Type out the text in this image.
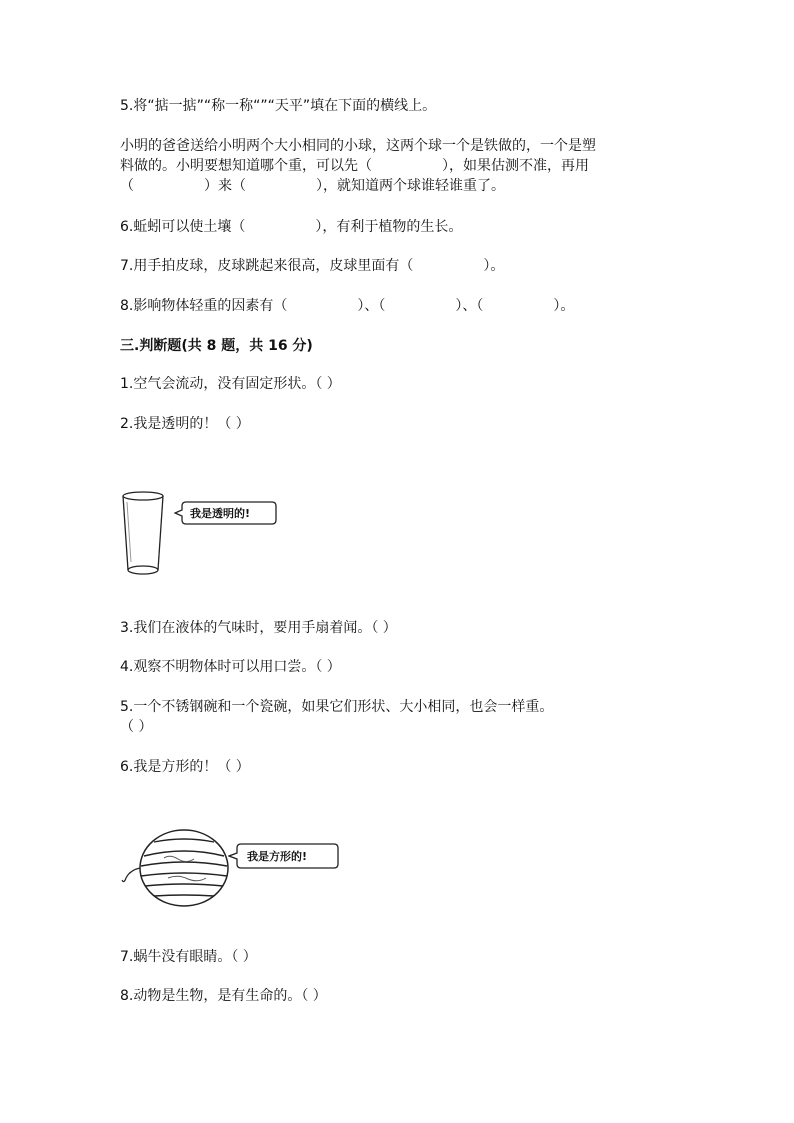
5.将“掂一掂”“称一称“”“天平”填在下面的横线上。
小明的爸爸送给小明两个大小相同的小球，这两个球一个是铁做的，一个是塑
料做的。小明要想知道哪个重，可以先（	），如果估测不准，再用
（	）来（	），就知道两个球谁轻谁重了。
6.蚯蚓可以使土壤（	），有利于植物的生长。
7.用手拍皮球，皮球跳起来很高，皮球里面有（	）。
8.影响物体轻重的因素有（	）、（	）、（	）。
三.判断题(共 8 题，共 16 分)
1.空气会流动，没有固定形状。（ ）
2.我是透明的！（ ）
我是透明的!
3.我们在液体的气味时，要用手扇着闻。（ ）
4.观察不明物体时可以用口尝。（ ）
5.一个不锈钢碗和一个瓷碗，如果它们形状、大小相同，也会一样重。
（ ）
6.我是方形的！（ ）
我是方形的!
7.蜗牛没有眼睛。（ ）
8.动物是生物，是有生命的。（ ）
